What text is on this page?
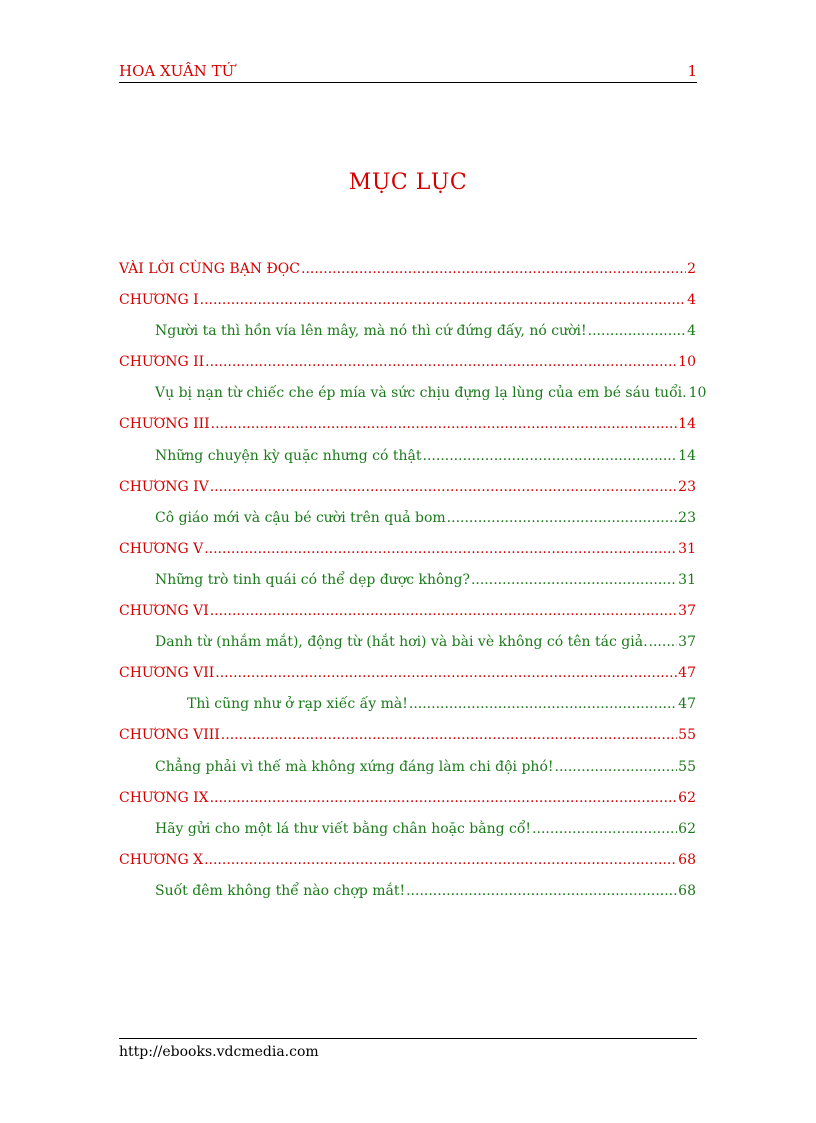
HOA XUÂN TỨ	1
MỤC LỤC
VÀI LỜI CÙNG BẠN ĐỌC .....	2
CHƯƠNG I .....	4
Người ta thì hồn vía lên mây, mà nó thì cứ đứng đấy, nó cười! .....	4
CHƯƠNG II .....	10
Vụ bị nạn từ chiếc che ép mía và sức chịu đựng lạ lùng của em bé sáu tuổi. 10
CHƯƠNG III .....	14
Những chuyện kỳ quặc nhưng có thật .....	14
CHƯƠNG IV .....	23
Cô giáo mới và cậu bé cười trên quả bom .....	23
CHƯƠNG V .....	31
Những trò tinh quái có thể dẹp được không? .....	31
CHƯƠNG VI .....	37
Danh từ (nhắm mắt), động từ (hắt hơi) và bài vè không có tên tác giả. ..... 37
CHƯƠNG VII .....	47
Thì cũng như ở rạp xiếc ấy mà! .....	47
CHƯƠNG VIII .....	55
Chẳng phải vì thế mà không xứng đáng làm chi đội phó! .....	55
CHƯƠNG IX .....	62
Hãy gửi cho một lá thư viết bằng chân hoặc bằng cổ! .....	62
CHƯƠNG X .....	68
Suốt đêm không thể nào chợp mắt! .....	68
http://ebooks.vdcmedia.com
